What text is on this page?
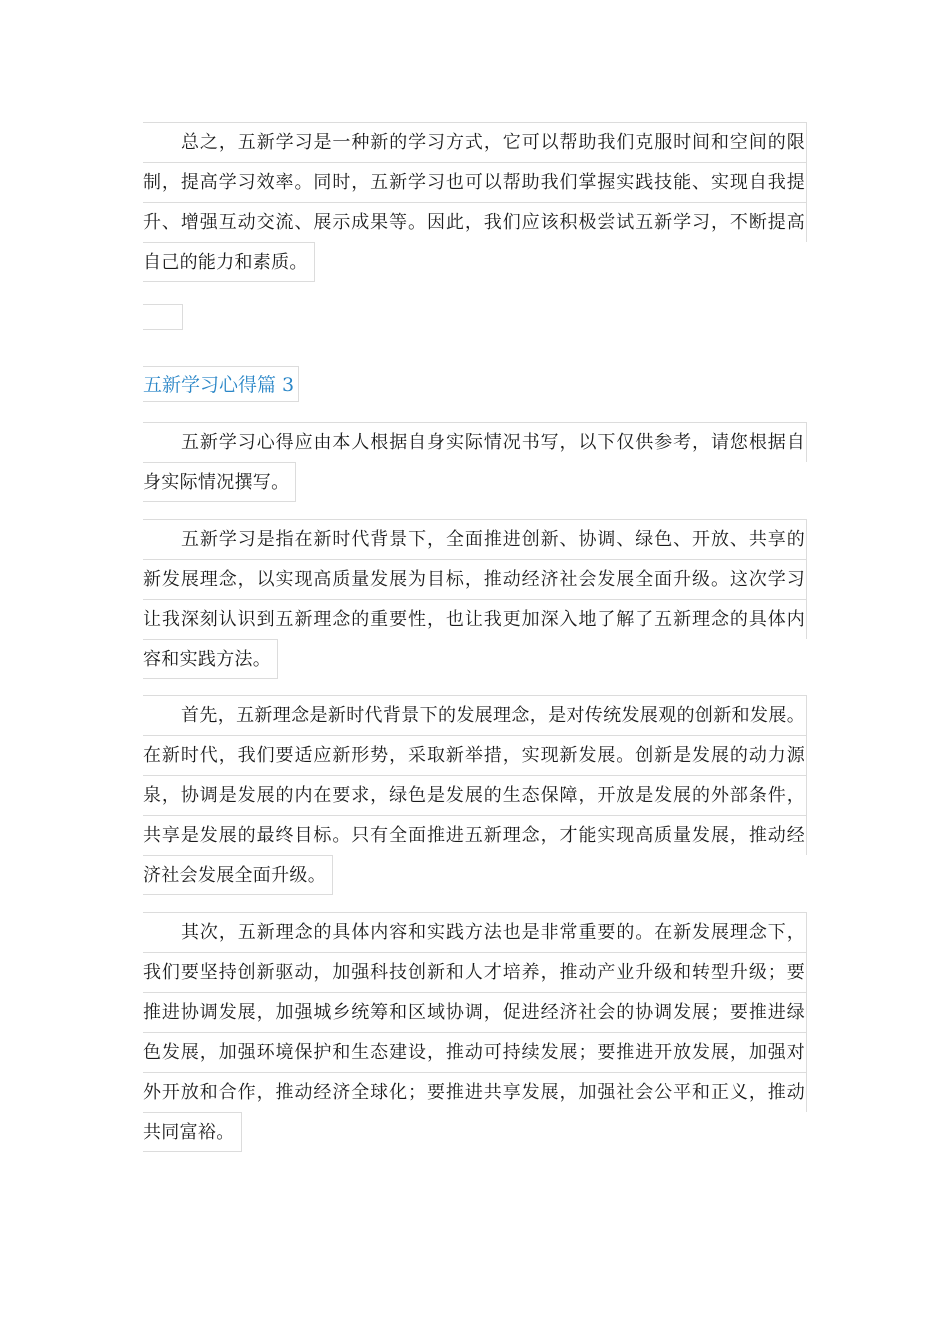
总之，五新学习是一种新的学习方式，它可以帮助我们克服时间和空间的限
制，提高学习效率。同时，五新学习也可以帮助我们掌握实践技能、实现自我提
升、增强互动交流、展示成果等。因此，我们应该积极尝试五新学习，不断提高
自己的能力和素质。
五新学习心得篇 3
五新学习心得应由本人根据自身实际情况书写，以下仅供参考，请您根据自
身实际情况撰写。
五新学习是指在新时代背景下，全面推进创新、协调、绿色、开放、共享的
新发展理念，以实现高质量发展为目标，推动经济社会发展全面升级。这次学习
让我深刻认识到五新理念的重要性，也让我更加深入地了解了五新理念的具体内
容和实践方法。
首先，五新理念是新时代背景下的发展理念，是对传统发展观的创新和发展。
在新时代，我们要适应新形势，采取新举措，实现新发展。创新是发展的动力源
泉，协调是发展的内在要求，绿色是发展的生态保障，开放是发展的外部条件，
共享是发展的最终目标。只有全面推进五新理念，才能实现高质量发展，推动经
济社会发展全面升级。
其次，五新理念的具体内容和实践方法也是非常重要的。在新发展理念下，
我们要坚持创新驱动，加强科技创新和人才培养，推动产业升级和转型升级；要
推进协调发展，加强城乡统筹和区域协调，促进经济社会的协调发展；要推进绿
色发展，加强环境保护和生态建设，推动可持续发展；要推进开放发展，加强对
外开放和合作，推动经济全球化；要推进共享发展，加强社会公平和正义，推动
共同富裕。
